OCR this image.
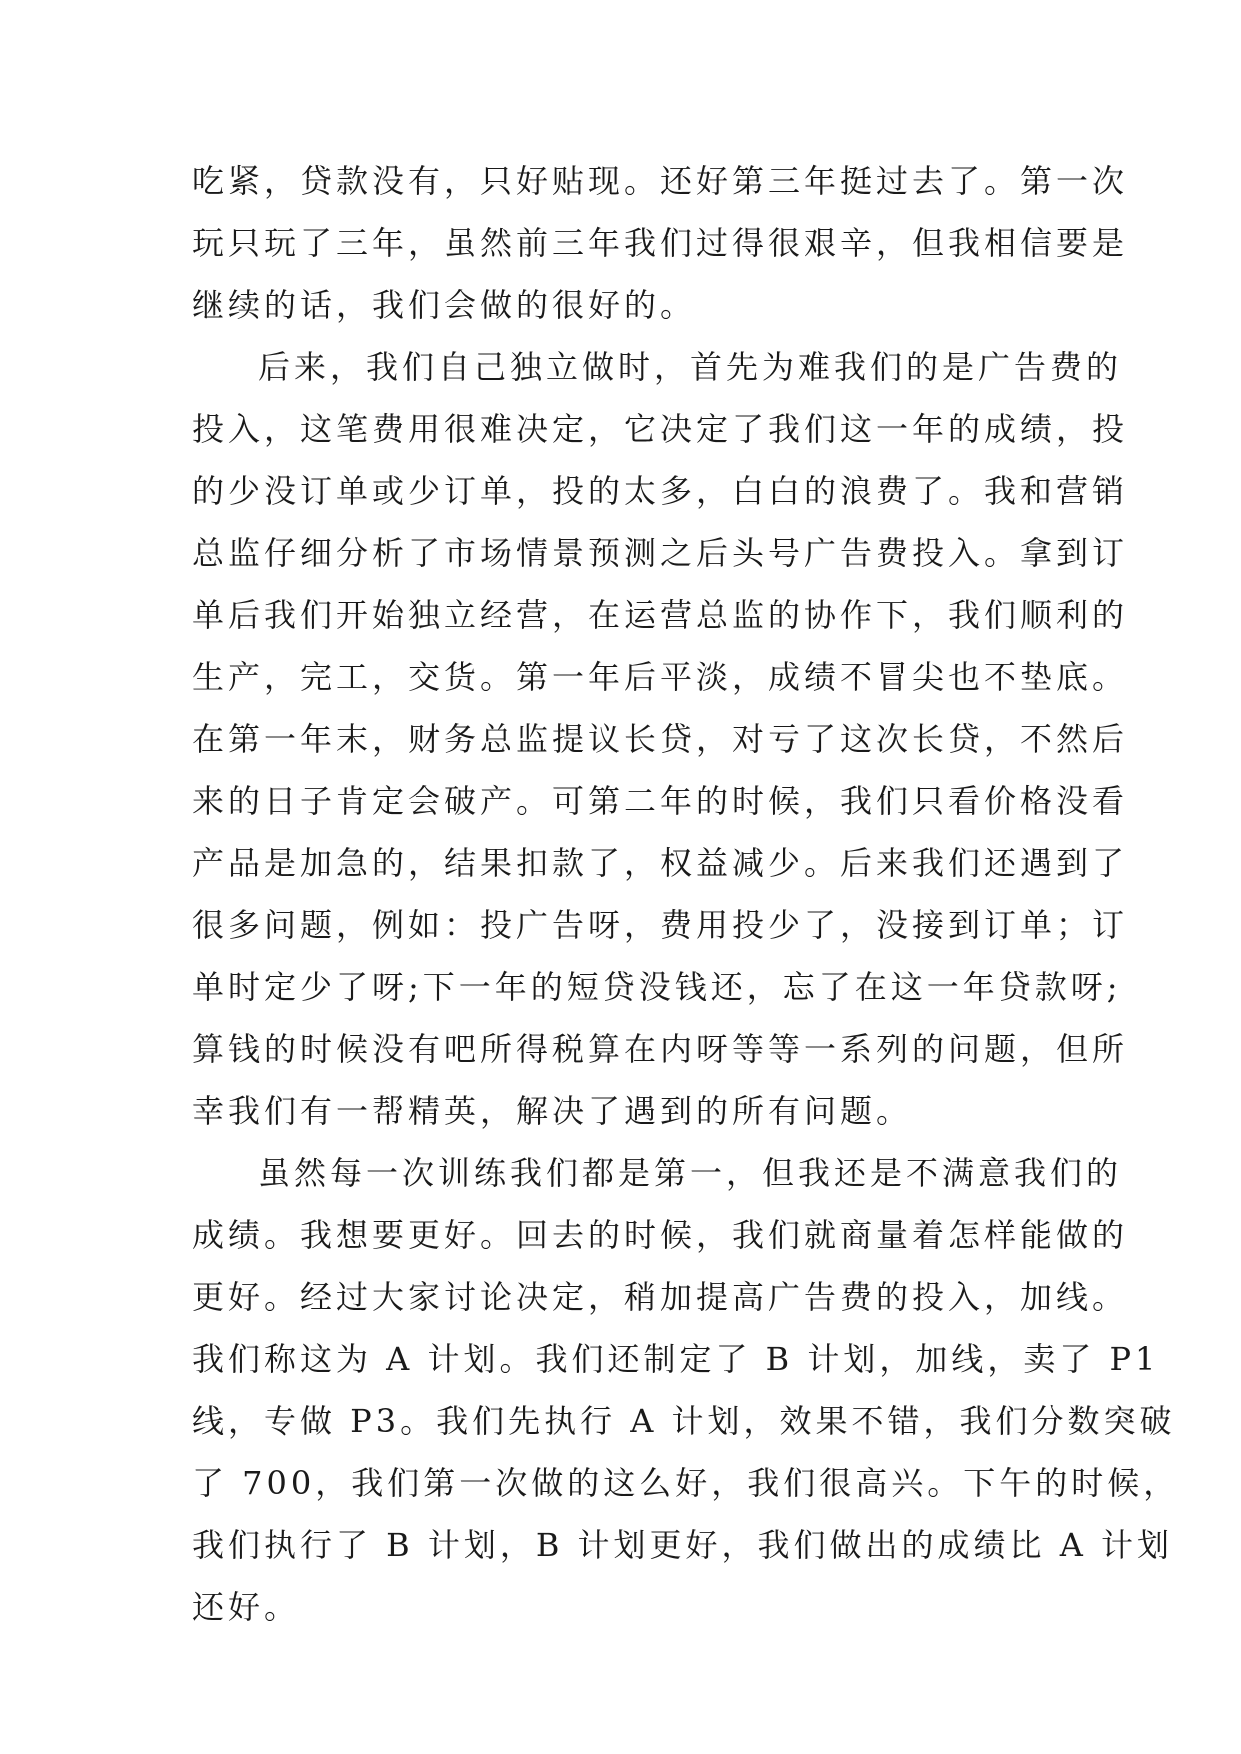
吃紧，贷款没有，只好贴现。还好第三年挺过去了。第一次
玩只玩了三年，虽然前三年我们过得很艰辛，但我相信要是
继续的话，我们会做的很好的。
后来，我们自己独立做时，首先为难我们的是广告费的
投入，这笔费用很难决定，它决定了我们这一年的成绩，投
的少没订单或少订单，投的太多，白白的浪费了。我和营销
总监仔细分析了市场情景预测之后头号广告费投入。拿到订
单后我们开始独立经营，在运营总监的协作下，我们顺利的
生产，完工，交货。第一年后平淡，成绩不冒尖也不垫底。
在第一年末，财务总监提议长贷，对亏了这次长贷，不然后
来的日子肯定会破产。可第二年的时候，我们只看价格没看
产品是加急的，结果扣款了，权益减少。后来我们还遇到了
很多问题，例如：投广告呀，费用投少了，没接到订单；订
单时定少了呀;下一年的短贷没钱还，忘了在这一年贷款呀;
算钱的时候没有吧所得税算在内呀等等一系列的问题，但所
幸我们有一帮精英，解决了遇到的所有问题。
虽然每一次训练我们都是第一，但我还是不满意我们的
成绩。我想要更好。回去的时候，我们就商量着怎样能做的
更好。经过大家讨论决定，稍加提高广告费的投入，加线。
我们称这为 A 计划。我们还制定了 B 计划，加线，卖了 P1
线，专做 P3。我们先执行 A 计划，效果不错，我们分数突破
了 700，我们第一次做的这么好，我们很高兴。下午的时候，
我们执行了 B 计划，B 计划更好，我们做出的成绩比 A 计划
还好。
